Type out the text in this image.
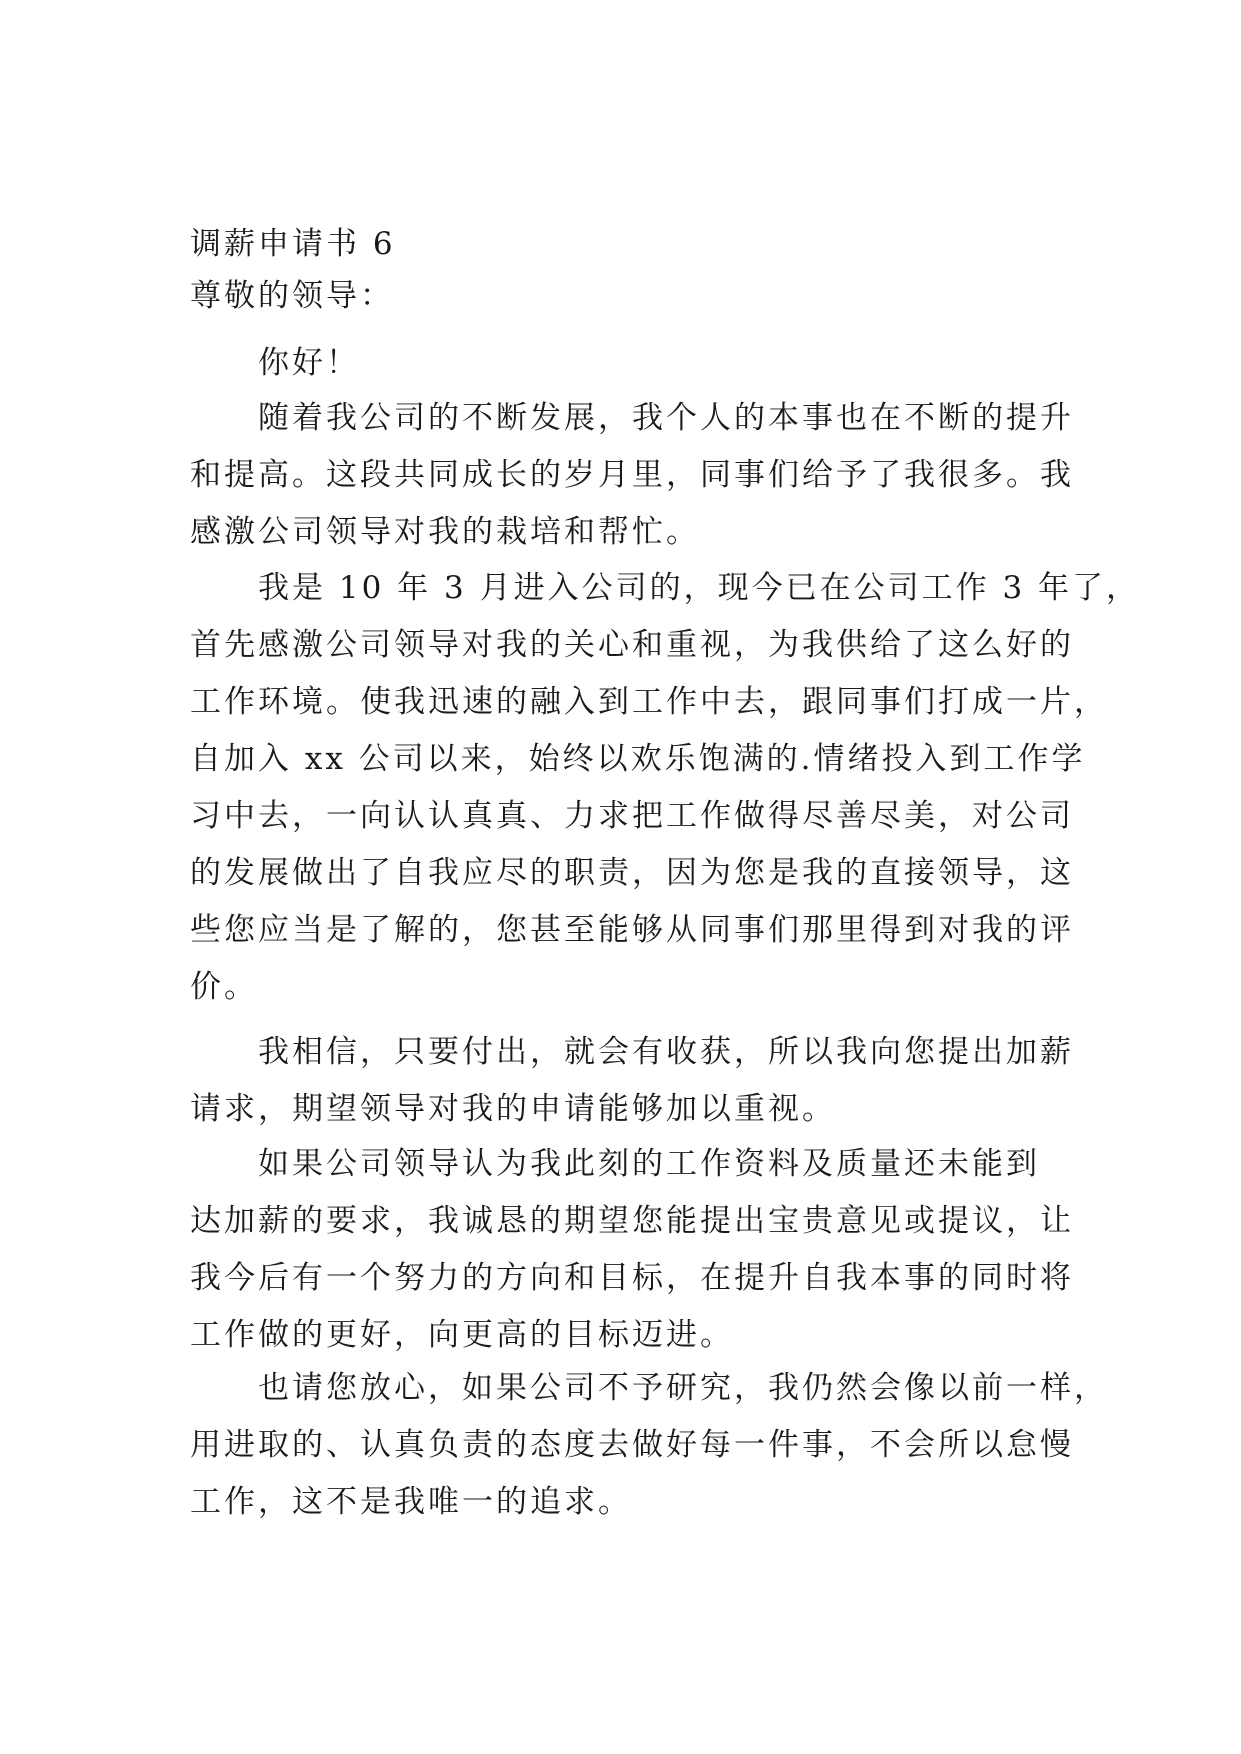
调薪申请书 6
尊敬的领导：
你好！
随着我公司的不断发展，我个人的本事也在不断的提升
和提高。这段共同成长的岁月里，同事们给予了我很多。我
感激公司领导对我的栽培和帮忙。
我是 10 年 3 月进入公司的，现今已在公司工作 3 年了，
首先感激公司领导对我的关心和重视，为我供给了这么好的
工作环境。使我迅速的融入到工作中去，跟同事们打成一片，
自加入 xx 公司以来，始终以欢乐饱满的.情绪投入到工作学
习中去，一向认认真真、力求把工作做得尽善尽美，对公司
的发展做出了自我应尽的职责，因为您是我的直接领导，这
些您应当是了解的，您甚至能够从同事们那里得到对我的评
价。
我相信，只要付出，就会有收获，所以我向您提出加薪
请求，期望领导对我的申请能够加以重视。
如果公司领导认为我此刻的工作资料及质量还未能到
达加薪的要求，我诚恳的期望您能提出宝贵意见或提议，让
我今后有一个努力的方向和目标，在提升自我本事的同时将
工作做的更好，向更高的目标迈进。
也请您放心，如果公司不予研究，我仍然会像以前一样，
用进取的、认真负责的态度去做好每一件事，不会所以怠慢
工作，这不是我唯一的追求。
